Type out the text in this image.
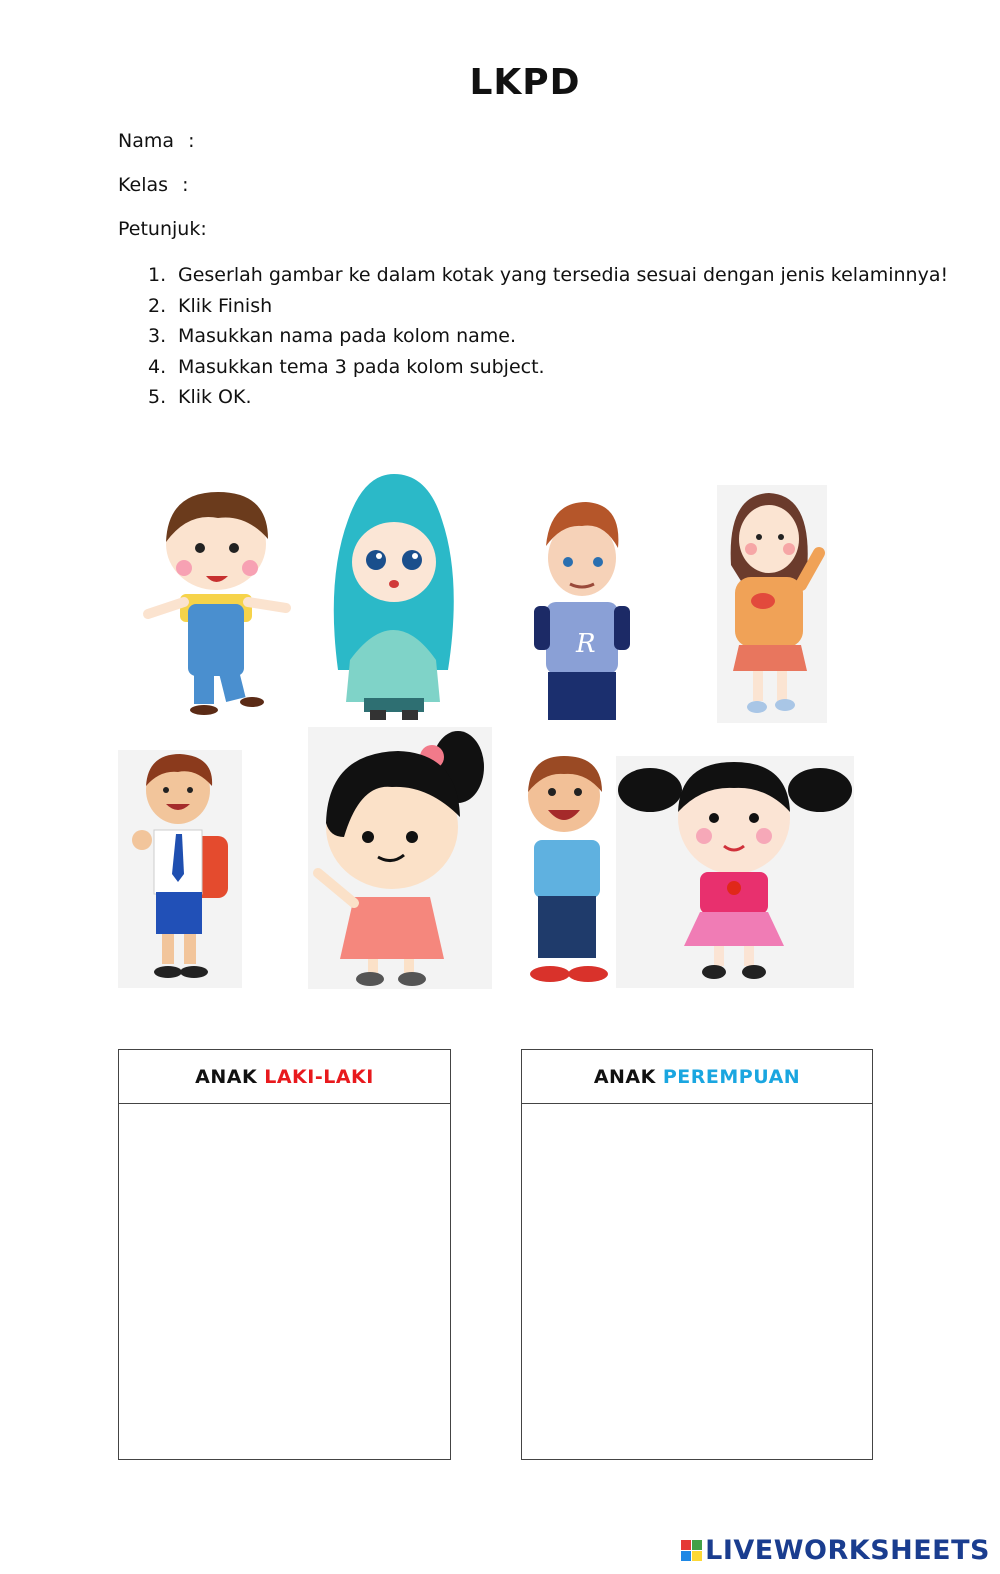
LKPD
Nama :
Kelas :
Petunjuk:
1. Geserlah gambar ke dalam kotak yang tersedia sesuai dengan jenis kelaminnya!
2. Klik Finish
3. Masukkan nama pada kolom name.
4. Masukkan tema 3 pada kolom subject.
5. Klik OK.
R
ANAK LAKI-LAKI	ANAK PEREMPUAN
LIVEWORKSHEETS
